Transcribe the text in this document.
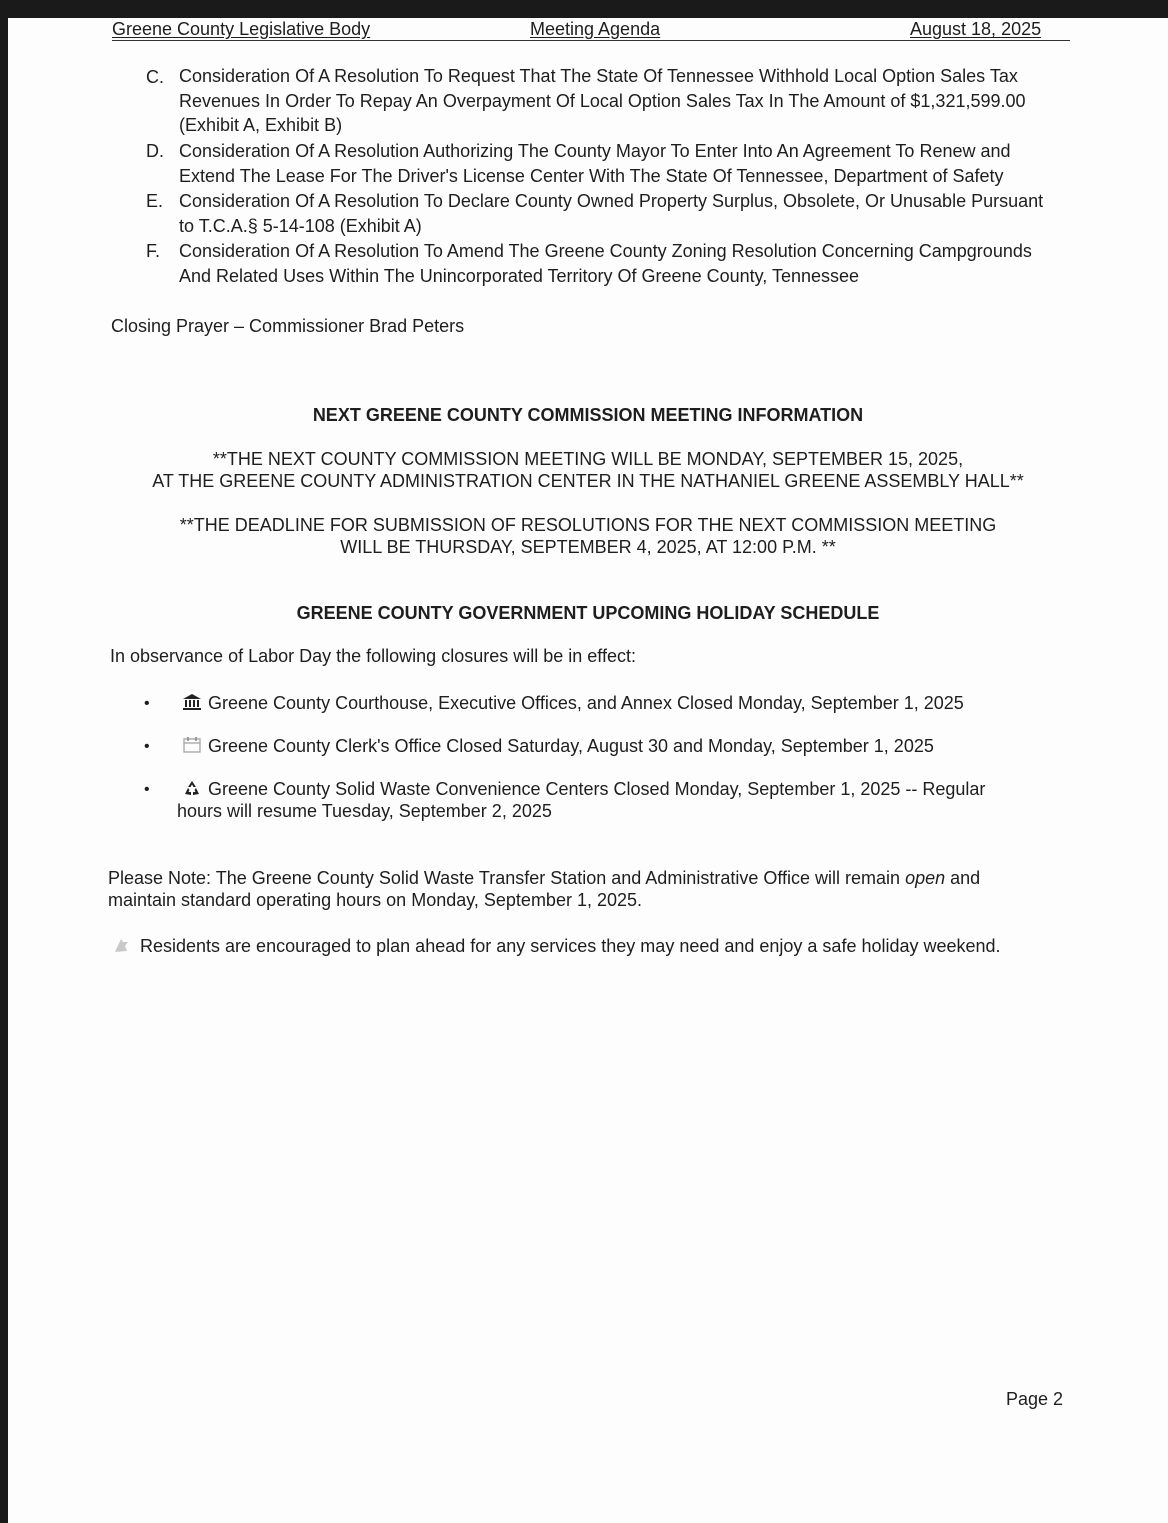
Greene County Legislative Body	Meeting Agenda	August 18, 2025
C. Consideration Of A Resolution To Request That The State Of Tennessee Withhold Local Option Sales Tax Revenues In Order To Repay An Overpayment Of Local Option Sales Tax In The Amount of $1,321,599.00 (Exhibit A, Exhibit B)
D. Consideration Of A Resolution Authorizing The County Mayor To Enter Into An Agreement To Renew and Extend The Lease For The Driver's License Center With The State Of Tennessee, Department of Safety
E. Consideration Of A Resolution To Declare County Owned Property Surplus, Obsolete, Or Unusable Pursuant to T.C.A.§ 5-14-108 (Exhibit A)
F. Consideration Of A Resolution To Amend The Greene County Zoning Resolution Concerning Campgrounds And Related Uses Within The Unincorporated Territory Of Greene County, Tennessee
Closing Prayer – Commissioner Brad Peters
NEXT GREENE COUNTY COMMISSION MEETING INFORMATION
**THE NEXT COUNTY COMMISSION MEETING WILL BE MONDAY, SEPTEMBER 15, 2025,
AT THE GREENE COUNTY ADMINISTRATION CENTER IN THE NATHANIEL GREENE ASSEMBLY HALL**
**THE DEADLINE FOR SUBMISSION OF RESOLUTIONS FOR THE NEXT COMMISSION MEETING
WILL BE THURSDAY, SEPTEMBER 4, 2025, AT 12:00 P.M. **
GREENE COUNTY GOVERNMENT UPCOMING HOLIDAY SCHEDULE
In observance of Labor Day the following closures will be in effect:
•	Greene County Courthouse, Executive Offices, and Annex Closed Monday, September 1, 2025
•	Greene County Clerk's Office Closed Saturday, August 30 and Monday, September 1, 2025
•	Greene County Solid Waste Convenience Centers Closed Monday, September 1, 2025 -- Regular
hours will resume Tuesday, September 2, 2025
Please Note: The Greene County Solid Waste Transfer Station and Administrative Office will remain open and
maintain standard operating hours on Monday, September 1, 2025.
Residents are encouraged to plan ahead for any services they may need and enjoy a safe holiday weekend.
Page 2
